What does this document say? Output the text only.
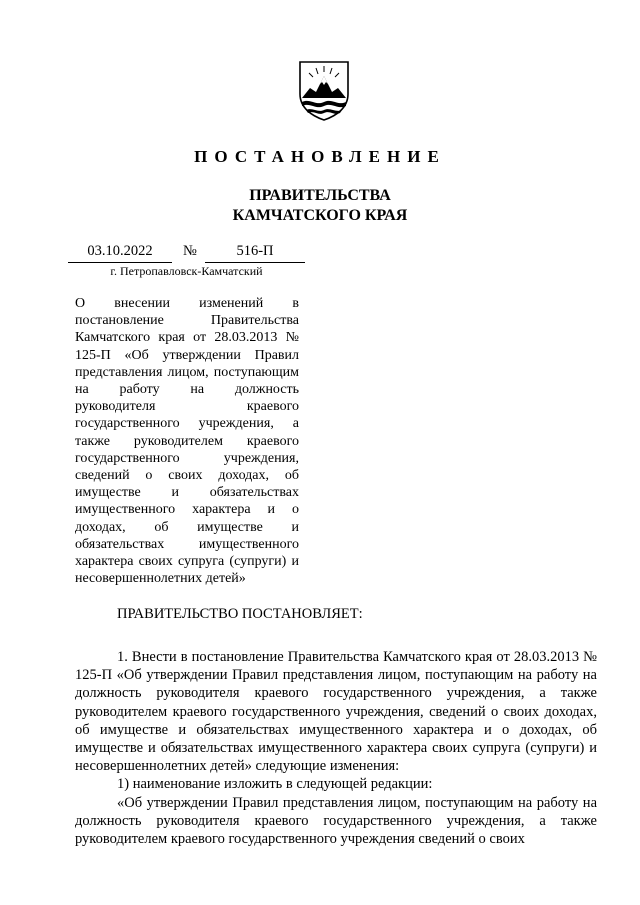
ПОСТАНОВЛЕНИЕ
ПРАВИТЕЛЬСТВА
КАМЧАТСКОГО КРАЯ
03.10.2022	№	516-П
г. Петропавловск-Камчатский

О внесении изменений в постановление Правительства Камчатского края от 28.03.2013 № 125-П «Об утверждении Правил представления лицом, поступающим на работу на должность руководителя краевого государственного учреждения, а также руководителем краевого государственного учреждения, сведений о своих доходах, об имуществе и обязательствах имущественного характера и о доходах, об имуществе и обязательствах имущественного характера своих супруга (супруги) и несовершеннолетних детей»

ПРАВИТЕЛЬСТВО ПОСТАНОВЛЯЕТ:

1. Внести в постановление Правительства Камчатского края от 28.03.2013 № 125-П «Об утверждении Правил представления лицом, поступающим на работу на должность руководителя краевого государственного учреждения, а также руководителем краевого государственного учреждения, сведений о своих доходах, об имуществе и обязательствах имущественного характера и о доходах, об имуществе и обязательствах имущественного характера своих супруга (супруги) и несовершеннолетних детей» следующие изменения:

1) наименование изложить в следующей редакции:

«Об утверждении Правил представления лицом, поступающим на работу на должность руководителя краевого государственного учреждения, а также руководителем краевого государственного учреждения сведений о своих
